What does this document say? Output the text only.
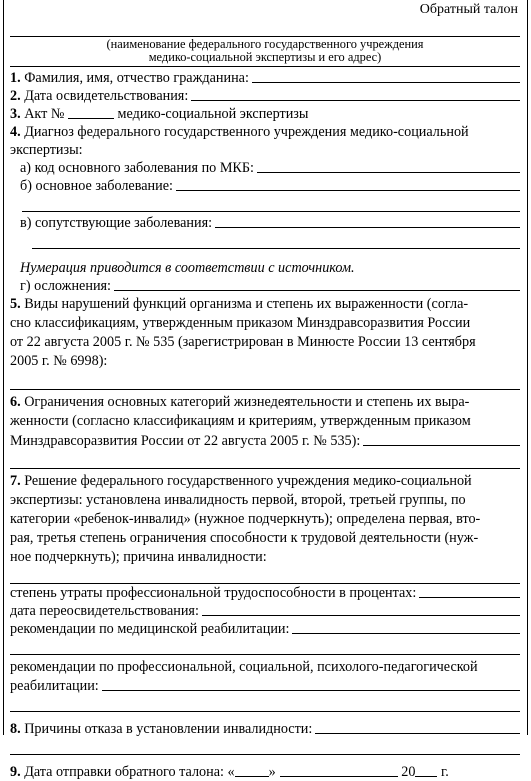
Обратный талон
(наименование федерального государственного учреждения
медико-социальной экспертизы и его адрес)
1.
Фамилия, имя, отчество гражданина:
2.
Дата освидетельствования:
3.
Акт №

	медико-социальной экспертизы
4. Диагноз федерального государственного учреждения медико-социальной
экспертизы:
а) код основного заболевания по МКБ:
б) основное заболевание:
в) сопутствующие заболевания:
Нумерация приводится в соответствии с источником.
г) осложнения:
5. Виды нарушений функций организма и степень их выраженности (согла-
сно классификациям, утвержденным приказом Минздравсоразвития России
от 22 августа 2005 г. № 535 (зарегистрирован в Минюсте России 13 сентября
2005 г. № 6998):
6. Ограничения основных категорий жизнедеятельности и степень их выра-
женности (согласно классификациям и критериям, утвержденным приказом
Минздравсоразвития России от 22 августа 2005 г. № 535):
7. Решение федерального государственного учреждения медико-социальной
экспертизы: установлена инвалидность первой, второй, третьей группы, по
категории «ребенок-инвалид» (нужное подчеркнуть); определена первая, вто-
рая, третья степень ограничения способности к трудовой деятельности (нуж-
ное подчеркнуть); причина инвалидности:
степень утраты профессиональной трудоспособности в процентах:
дата переосвидетельствования:
рекомендации по медицинской реабилитации:
рекомендации по профессиональной, социальной, психолого-педагогической
реабилитации:
8.
Причины отказа в установлении инвалидности:
9.
Дата отправки обратного талона: « »
	20
г.
